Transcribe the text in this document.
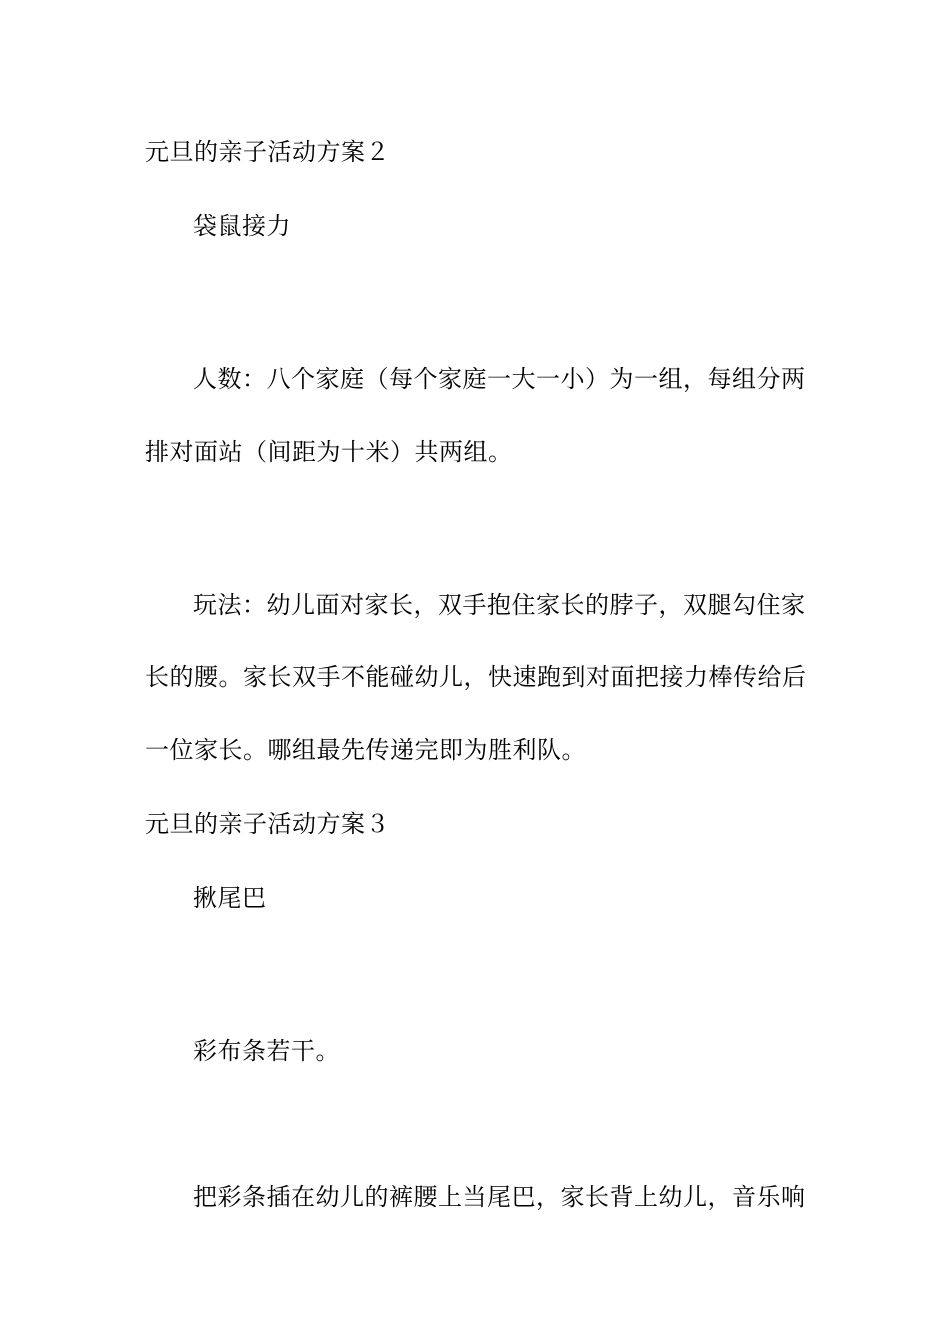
元旦的亲子活动方案２
袋鼠接力
人数：八个家庭（每个家庭一大一小）为一组，每组分两
排对面站（间距为十米）共两组。
玩法：幼儿面对家长，双手抱住家长的脖子，双腿勾住家
长的腰。家长双手不能碰幼儿，快速跑到对面把接力棒传给后
一位家长。哪组最先传递完即为胜利队。
元旦的亲子活动方案３
揪尾巴
彩布条若干。
把彩条插在幼儿的裤腰上当尾巴，家长背上幼儿，音乐响
